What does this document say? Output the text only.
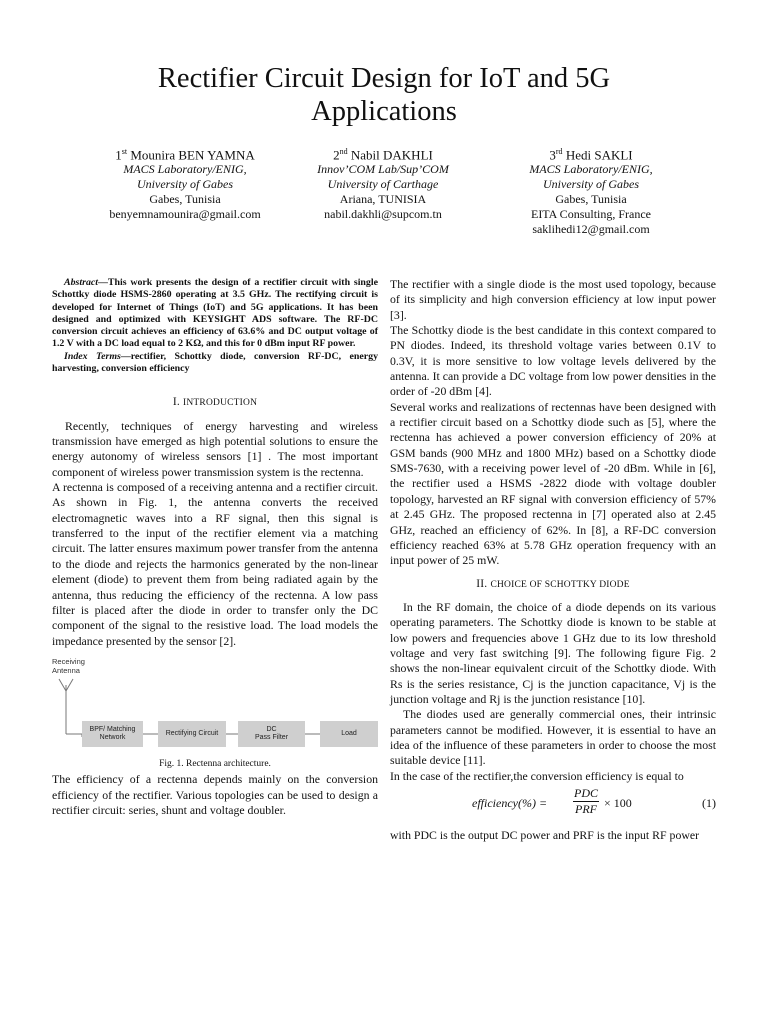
Rectifier Circuit Design for IoT and 5G
Applications
1st Mounira BEN YAMNA
MACS Laboratory/ENIG,
University of Gabes
Gabes, Tunisia
benyemnamounira@gmail.com
2nd Nabil DAKHLI
Innov’COM Lab/Sup’COM
University of Carthage
Ariana, TUNISIA
nabil.dakhli@supcom.tn
3rd Hedi SAKLI
MACS Laboratory/ENIG,
University of Gabes
Gabes, Tunisia
EITA Consulting, France
saklihedi12@gmail.com

Abstract—This work presents the design of a rectifier circuit with single Schottky diode HSMS-2860 operating at 3.5 GHz. The rectifying circuit is developed for Internet of Things (IoT) and 5G applications. It has been designed and optimized with KEYSIGHT ADS software. The RF-DC conversion circuit achieves an efficiency of 63.6% and DC output voltage of 1.2 V with a DC load equal to 2 KΩ, and this for 0 dBm input RF power.

Index Terms—rectifier, Schottky diode, conversion RF-DC, energy harvesting, conversion efficiency

I. INTRODUCTION

Recently, techniques of energy harvesting and wireless transmission have emerged as high potential solutions to ensure the energy autonomy of wireless sensors [1] . The most important component of wireless power transmission system is the rectenna.

A rectenna is composed of a receiving antenna and a rectifier circuit. As shown in Fig. 1, the antenna converts the received electromagnetic waves into a RF signal, then this signal is transferred to the input of the rectifier element via a matching circuit. The latter ensures maximum power transfer from the antenna to the diode and rejects the harmonics generated by the non-linear element (diode) to prevent them from being radiated again by the antenna, thus reducing the efficiency of the rectenna. A low pass filter is placed after the diode in order to transfer only the DC component of the signal to the resistive load. The load models the impedance presented by the sensor [2].

Receiving
Antenna
BPF/ Matching
Network
Rectifying Circuit
DC
Pass Filter
Load

Fig. 1. Rectenna architecture.

The efficiency of a rectenna depends mainly on the conversion efficiency of the rectifier. Various topologies can be used to design a rectifier circuit: series, shunt and voltage doubler.

The rectifier with a single diode is the most used topology, because of its simplicity and high conversion efficiency at low input power [3].

The Schottky diode is the best candidate in this context compared to PN diodes. Indeed, its threshold voltage varies between 0.1V to 0.3V, it is more sensitive to low voltage levels delivered by the antenna. It can provide a DC voltage from low power densities in the order of -20 dBm [4].

Several works and realizations of rectennas have been designed with a rectifier circuit based on a Schottky diode such as [5], where the rectenna has achieved a power conversion efficiency of 20% at GSM bands (900 MHz and 1800 MHz) based on a Schottky diode SMS-7630, with a receiving power level of -20 dBm. While in [6], the rectifier used a HSMS -2822 diode with voltage doubler topology, harvested an RF signal with conversion efficiency of 57% at 2.45 GHz. The proposed rectenna in [7] operated also at 2.45 GHz, reached an efficiency of 62%. In [8], a RF-DC conversion efficiency reached 63% at 5.78 GHz operation frequency with an input power of 25 mW.

II. CHOICE OF SCHOTTKY DIODE

In the RF domain, the choice of a diode depends on its various operating parameters. The Schottky diode is known to be stable at low powers and frequencies above 1 GHz due to its low threshold voltage and very fast switching [9]. The following figure Fig. 2 shows the non-linear equivalent circuit of the Schottky diode. With Rs is the series resistance, Cj is the junction capacitance, Vj is the junction voltage and Rj is the junction resistance [10].

The diodes used are generally commercial ones, their intrinsic parameters cannot be modified. However, it is essential to have an idea of the influence of these parameters in order to choose the most suitable device [11].

In the case of the rectifier,the conversion efficiency is equal to

efficiency(%) =
PDC
PRF × 100	(1)

with PDC is the output DC power and PRF is the input RF power
